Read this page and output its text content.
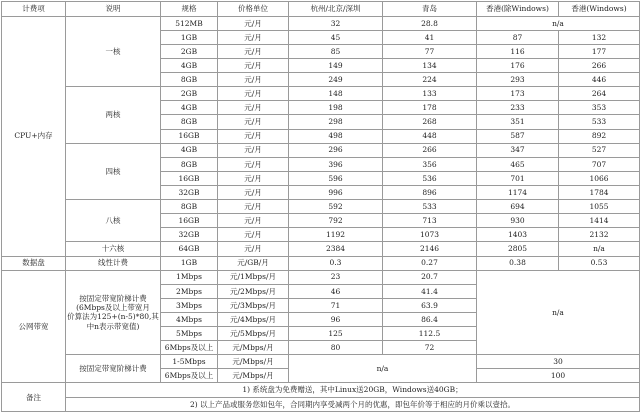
计费项	说明	规格	价格单位	杭州/北京/深圳	青岛	香港(除Windows)	香港(Windows)
CPU+内存	一核	512MB	元/月	32	28.8	n/a	
		1GB	元/月	45	41	87	132
		2GB	元/月	85	77	116	177
		4GB	元/月	149	134	176	266
		8GB	元/月	249	224	293	446
	两核	2GB	元/月	148	133	173	264
		4GB	元/月	198	178	233	353
		8GB	元/月	298	268	351	533
		16GB	元/月	498	448	587	892
	四核	4GB	元/月	296	266	347	527
		8GB	元/月	396	356	465	707
		16GB	元/月	596	536	701	1066
		32GB	元/月	996	896	1174	1784
	八核	8GB	元/月	592	533	694	1055
		16GB	元/月	792	713	930	1414
		32GB	元/月	1192	1073	1403	2132
	十六核	64GB	元/月	2384	2146	2805	n/a
数据盘	线性计费	1GB	元/GB/月	0.3	0.27	0.38	0.53
公网带宽	按固定带宽阶梯计费
(6Mbps及以上带宽月
价算法为125+(n-5)*80,其
中n表示带宽值)	1Mbps	元/1Mbps/月	23	20.7	n/a	
		2Mbps	元/2Mbps/月	46	41.4		
		3Mbps	元/3Mbps/月	71	63.9		
		4Mbps	元/4Mbps/月	96	86.4		
		5Mbps	元/5Mbps/月	125	112.5		
		6Mbps及以上	元/Mbps/月	80	72		
	按固定带宽阶梯计费	1-5Mbps	元/Mbps/月	n/a		30	
		6Mbps及以上	元/Mbps/月			100	
备注	1) 系统盘为免费赠送，其中Linux送20GB，Windows送40GB；						
	2) 以上产品或服务您如包年，合同期内享受减两个月的优惠，即包年价等于相应的月价乘以壹拾。						
